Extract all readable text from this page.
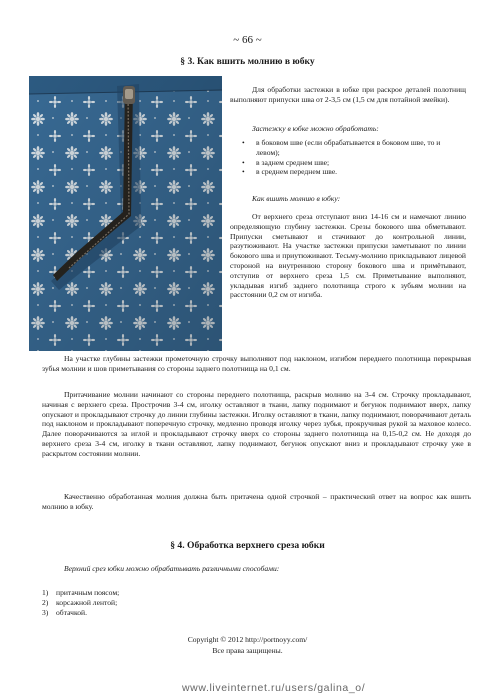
~ 66 ~
§ 3. Как вшить молнию в юбку

Для обработки застежки в юбке при раскрое деталей полотнищ выполняют припуски шва от 2-3,5 см (1,5 см для потайной змейки).

Застежку в юбке можно обработать:
• в боковом шве (если обрабатывается в боковом шве, то и левом);
• в заднем среднем шве;
• в среднем переднем шве.
Как вшить молнию в юбку:

От верхнего среза отступают вниз 14-16 см и намечают линию определяющую глубину застежки. Срезы бокового шва обметывают. Припуски сметывают и стачивают до контрольной линии, разутюживают. На участке застежки припуски заметывают по линии бокового шва и приутюживают. Тесьму-молнию прикладывают лицевой стороной на внутреннюю сторону бокового шва и примётывают, отступив от верхнего среза 1,5 см. Приметывание выполняют, укладывая изгиб заднего полотнища строго к зубьям молнии на расстоянии 0,2 см от изгиба.

На участке глубины застежки прометочную строчку выполняют под наклоном, изгибом переднего полотнища перекрывая зубья молнии и шов приметывания со стороны заднего полотнища на 0,1 см.

Притачивание молнии начинают со стороны переднего полотнища, раскрыв молнию на 3-4 см. Строчку прокладывают, начиная с верхнего среза. Прострочив 3-4 см, иголку оставляют в ткани, лапку поднимают и бегунок поднимают вверх, лапку опускают и прокладывают строчку до линии глубины застежки. Иголку оставляют в ткани, лапку поднимают, поворачивают деталь под наклоном и прокладывают поперечную строчку, медленно проводя иголку через зубья, прокручивая рукой за маховое колесо. Далее поворачиваются за иглой и прокладывают строчку вверх со стороны заднего полотнища на 0,15-0,2 см. Не доходя до верхнего среза 3-4 см, иголку в ткани оставляют, лапку поднимают, бегунок опускают вниз и прокладывают строчку уже в раскрытом состоянии молнии.

Качественно обработанная молния должна быть притачена одной строчкой – практический ответ на вопрос как вшить молнию в юбку.

§ 4. Обработка верхнего среза юбки

Верхний срез юбки можно обрабатывать различными способами:

1) притачным поясом;
2) корсажной лентой;
3) обтачкой.
Copyright © 2012 http://portnoyy.com/
Все права защищены.
www.liveinternet.ru/users/galina_o/
